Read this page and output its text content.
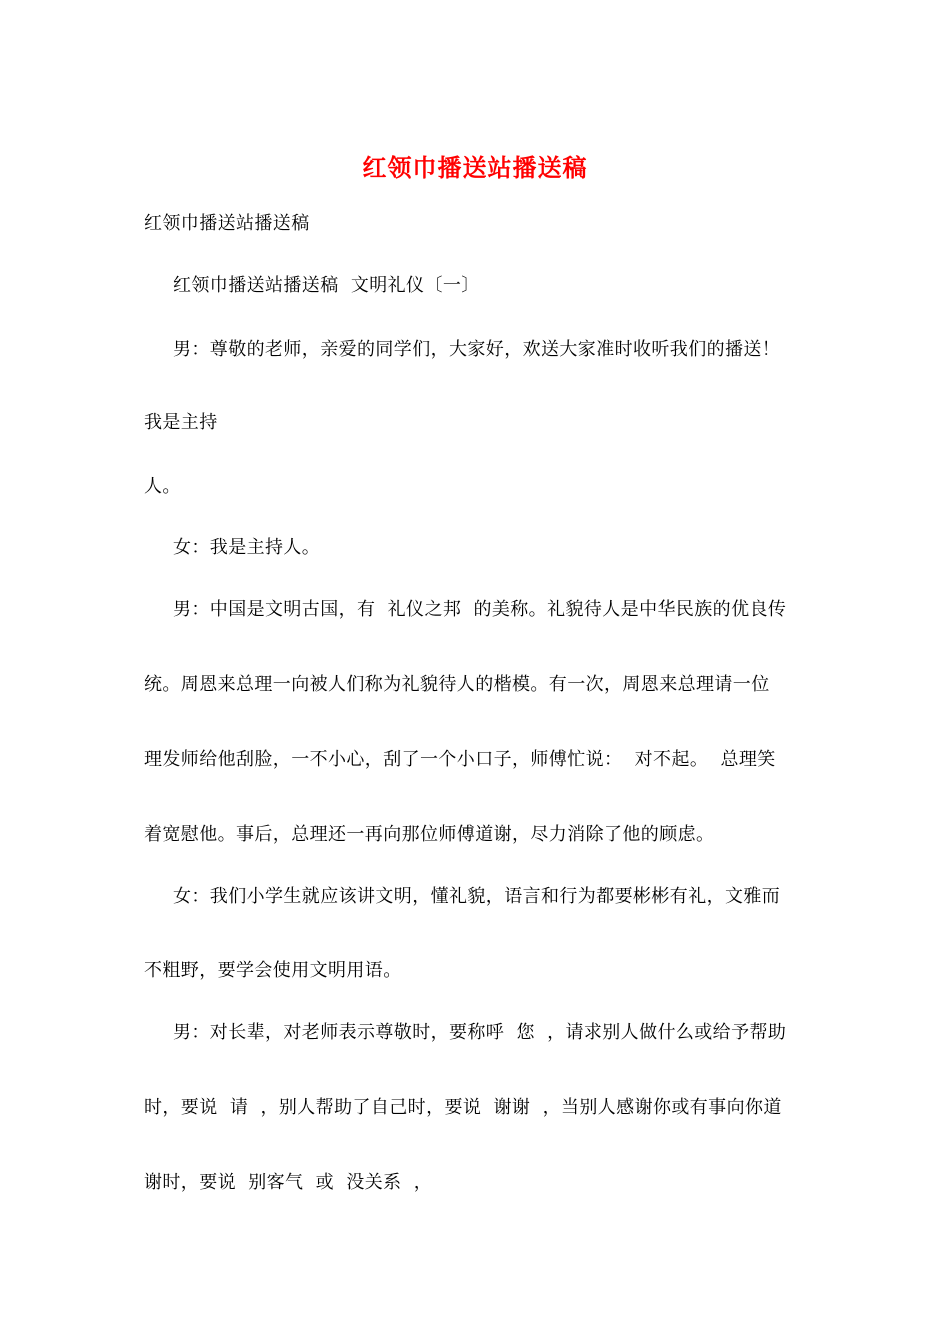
红领巾播送站播送稿
红领巾播送站播送稿
红领巾播送站播送稿  文明礼仪〔一〕
男：尊敬的老师，亲爱的同学们，大家好，欢送大家准时收听我们的播送！
我是主持
人。
女：我是主持人。
男：中国是文明古国，有  礼仪之邦  的美称。礼貌待人是中华民族的优良传
统。周恩来总理一向被人们称为礼貌待人的楷模。有一次，周恩来总理请一位
理发师给他刮脸，一不小心，刮了一个小口子，师傅忙说：  对不起。  总理笑
着宽慰他。事后，总理还一再向那位师傅道谢，尽力消除了他的顾虑。
女：我们小学生就应该讲文明，懂礼貌，语言和行为都要彬彬有礼，文雅而
不粗野，要学会使用文明用语。
男：对长辈，对老师表示尊敬时，要称呼  您  ，请求别人做什么或给予帮助
时，要说  请  ，别人帮助了自己时，要说  谢谢  ，当别人感谢你或有事向你道
谢时，要说  别客气  或  没关系  ，
